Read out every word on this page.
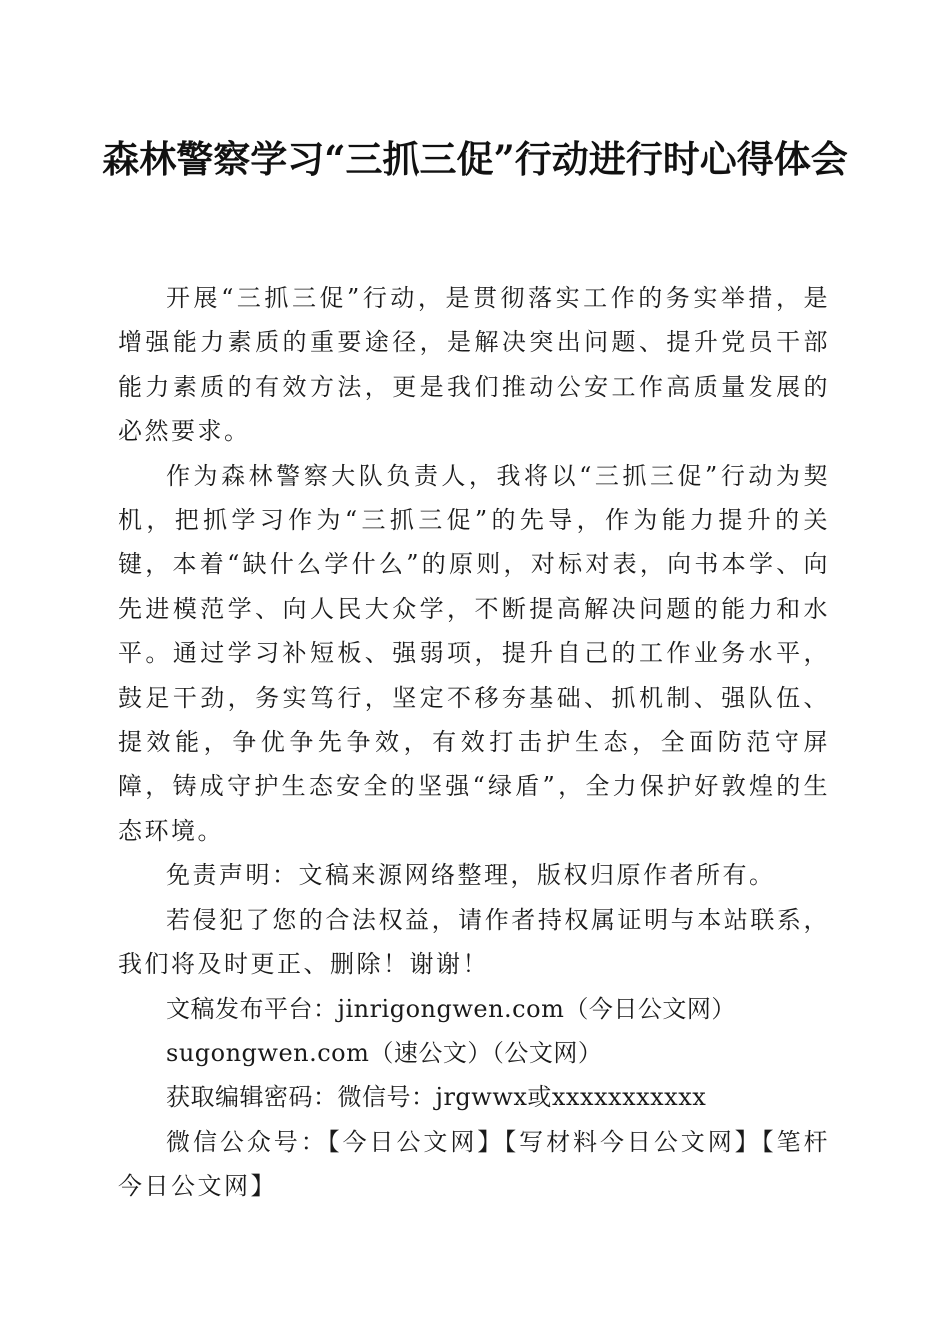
森林警察学习“三抓三促”行动进行时心得体会

开展“三抓三促”行动，是贯彻落实工作的务实举措，是增强能力素质的重要途径，是解决突出问题、提升党员干部能力素质的有效方法，更是我们推动公安工作高质量发展的必然要求。

作为森林警察大队负责人，我将以“三抓三促”行动为契机，把抓学习作为“三抓三促”的先导，作为能力提升的关键，本着“缺什么学什么”的原则，对标对表，向书本学、向先进模范学、向人民大众学，不断提高解决问题的能力和水平。通过学习补短板、强弱项，提升自己的工作业务水平，鼓足干劲，务实笃行，坚定不移夯基础、抓机制、强队伍、提效能，争优争先争效，有效打击护生态，全面防范守屏障，铸成守护生态安全的坚强“绿盾”，全力保护好敦煌的生态环境。

免责声明：文稿来源网络整理，版权归原作者所有。

若侵犯了您的合法权益，请作者持权属证明与本站联系，我们将及时更正、删除！谢谢！

文稿发布平台：jinrigongwen.com（今日公文网）

sugongwen.com（速公文）（公文网）

获取编辑密码：微信号：jrgwwx或xxxxxxxxxxx

微信公众号：【今日公文网】【写材料今日公文网】【笔杆今日公文网】
